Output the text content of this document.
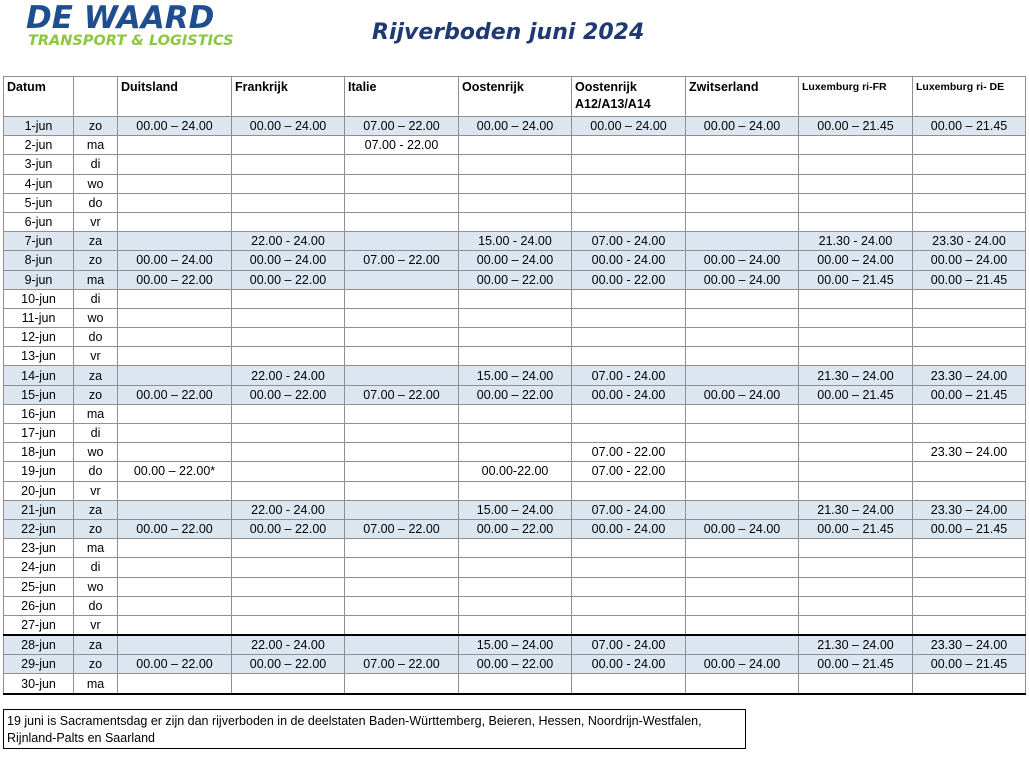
DE WAARD
TRANSPORT & LOGISTICS	Rijverboden juni 2024
Datum		Duitsland	Frankrijk	Italie	Oostenrijk	Oostenrijk A12/A13/A14	Zwitserland	Luxemburg ri-FR	Luxemburg ri- DE
1-jun	zo	00.00 – 24.00	00.00 – 24.00	07.00 – 22.00	00.00 – 24.00	00.00 – 24.00	00.00 – 24.00	00.00 – 21.45	00.00 – 21.45
2-jun	ma			07.00 - 22.00					
3-jun	di								
4-jun	wo								
5-jun	do								
6-jun	vr								
7-jun	za		22.00 - 24.00		15.00 - 24.00	07.00 - 24.00		21.30 - 24.00	23.30 - 24.00
8-jun	zo	00.00 – 24.00	00.00 – 24.00	07.00 – 22.00	00.00 – 24.00	00.00 - 24.00	00.00 – 24.00	00.00 – 24.00	00.00 – 24.00
9-jun	ma	00.00 – 22.00	00.00 – 22.00		00.00 – 22.00	00.00 - 22.00	00.00 – 24.00	00.00 – 21.45	00.00 – 21.45
10-jun	di								
11-jun	wo								
12-jun	do								
13-jun	vr								
14-jun	za		22.00 - 24.00		15.00 – 24.00	07.00 - 24.00		21.30 – 24.00	23.30 – 24.00
15-jun	zo	00.00 – 22.00	00.00 – 22.00	07.00 – 22.00	00.00 – 22.00	00.00 - 24.00	00.00 – 24.00	00.00 – 21.45	00.00 – 21.45
16-jun	ma								
17-jun	di								
18-jun	wo					07.00 - 22.00			23.30 – 24.00
19-jun	do	00.00 – 22.00*			00.00-22.00	07.00 - 22.00			
20-jun	vr								
21-jun	za		22.00 - 24.00		15.00 – 24.00	07.00 - 24.00		21.30 – 24.00	23.30 – 24.00
22-jun	zo	00.00 – 22.00	00.00 – 22.00	07.00 – 22.00	00.00 – 22.00	00.00 - 24.00	00.00 – 24.00	00.00 – 21.45	00.00 – 21.45
23-jun	ma								
24-jun	di								
25-jun	wo								
26-jun	do								
27-jun	vr								
28-jun	za		22.00 - 24.00		15.00 – 24.00	07.00 - 24.00		21.30 – 24.00	23.30 – 24.00
29-jun	zo	00.00 – 22.00	00.00 – 22.00	07.00 – 22.00	00.00 – 22.00	00.00 - 24.00	00.00 – 24.00	00.00 – 21.45	00.00 – 21.45
30-jun	ma								
19 juni is Sacramentsdag er zijn dan rijverboden in de deelstaten Baden-Württemberg, Beieren, Hessen, Noordrijn-Westfalen, Rijnland-Palts en Saarland
